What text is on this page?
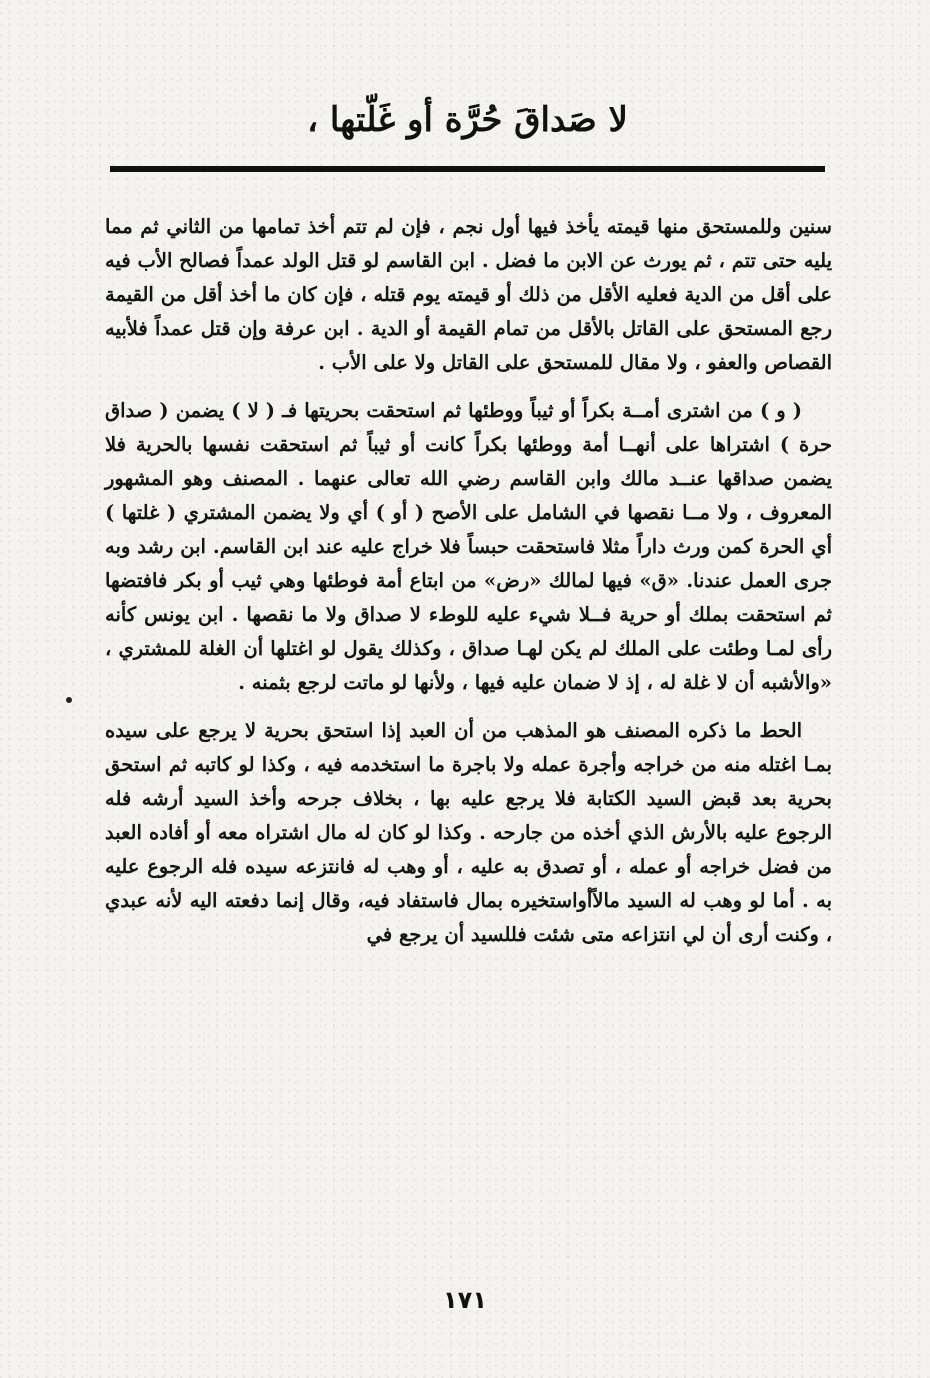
لا صَداقَ حُرَّة أو غَلّتها ،

سنين وللمستحق منها قيمته يأخذ فيها أول نجم ، فإن لم تتم أخذ تمامها من الثاني ثم مما يليه حتى تتم ، ثم يورث عن الابن ما فضل . ابن القاسم لو قتل الولد عمداً فصالح الأب فيه على أقل من الدية فعليه الأقل من ذلك أو قيمته يوم قتله ، فإن كان ما أخذ أقل من القيمة رجع المستحق على القاتل بالأقل من تمام القيمة أو الدية . ابن عرفة وإن قتل عمداً فلأبيه القصاص والعفو ، ولا مقال للمستحق على القاتل ولا على الأب .

( و ) من اشترى أمــة بكراً أو ثيباً ووطئها ثم استحقت بحريتها فـ ( لا ) يضمن ( صداق حرة ) اشتراها على أنهــا أمة ووطئها بكراً كانت أو ثيباً ثم استحقت نفسها بالحرية فلا يضمن صداقها عنــد مالك وابن القاسم رضي الله تعالى عنهما . المصنف وهو المشهور المعروف ، ولا مــا نقصها في الشامل على الأصح ( أو ) أي ولا يضمن المشتري ( غلتها ) أي الحرة كمن ورث داراً مثلا فاستحقت حبساً فلا خراج عليه عند ابن القاسم. ابن رشد وبه جرى العمل عندنا. «ق» فيها لمالك «رض» من ابتاع أمة فوطئها وهي ثيب أو بكر فافتضها ثم استحقت بملك أو حرية فــلا شيء عليه للوطء لا صداق ولا ما نقصها . ابن يونس كأنه رأى لمـا وطئت على الملك لم يكن لهـا صداق ، وكذلك يقول لو اغتلها أن الغلة للمشتري ، «والأشبه أن لا غلة له ، إذ لا ضمان عليه فيها ، ولأنها لو ماتت لرجع بثمنه .

الحط ما ذكره المصنف هو المذهب من أن العبد إذا استحق بحرية لا يرجع على سيده بمـا اغتله منه من خراجه وأجرة عمله ولا باجرة ما استخدمه فيه ، وكذا لو كاتبه ثم استحق بحرية بعد قبض السيد الكتابة فلا يرجع عليه بها ، بخلاف جرحه وأخذ السيد أرشه فله الرجوع عليه بالأرش الذي أخذه من جارحه . وكذا لو كان له مال اشتراه معه أو أفاده العبد من فضل خراجه أو عمله ، أو تصدق به عليه ، أو وهب له فانتزعه سيده فله الرجوع عليه به . أما لو وهب له السيد مالاًأواستخيره بمال فاستفاد فيه، وقال إنما دفعته اليه لأنه عبدي ، وكنت أرى أن لي انتزاعه متى شئت فللسيد أن يرجع في

١٧١
